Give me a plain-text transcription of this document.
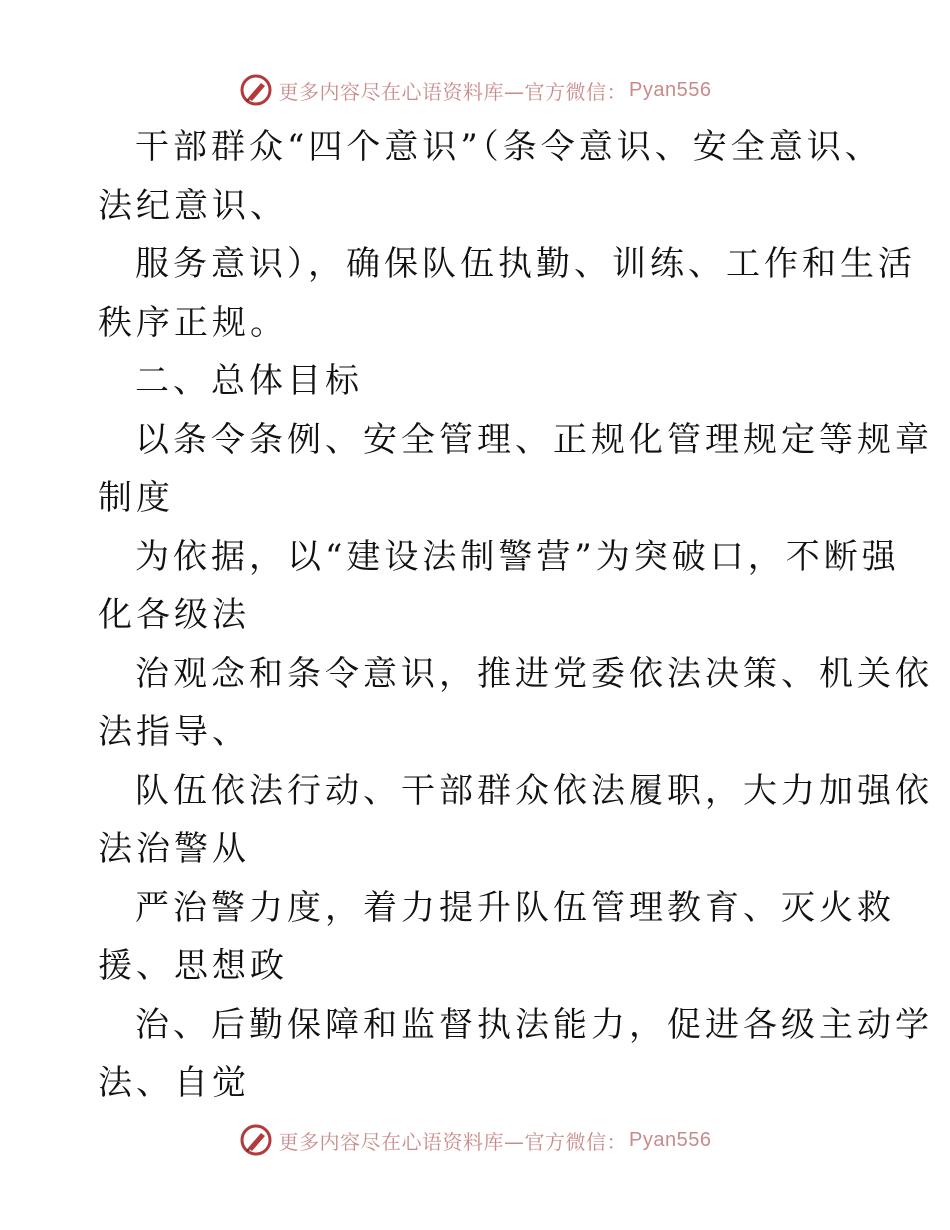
更多内容尽在心语资料库—官方微信： Pyan556
干部群众“四个意识”（条令意识、安全意识、
法纪意识、
服务意识），确保队伍执勤、训练、工作和生活
秩序正规。
二、总体目标
以条令条例、安全管理、正规化管理规定等规章
制度
为依据，以“建设法制警营”为突破口，不断强
化各级法
治观念和条令意识，推进党委依法决策、机关依
法指导、
队伍依法行动、干部群众依法履职，大力加强依
法治警从
严治警力度，着力提升队伍管理教育、灭火救
援、思想政
治、后勤保障和监督执法能力，促进各级主动学
法、自觉
更多内容尽在心语资料库—官方微信： Pyan556
